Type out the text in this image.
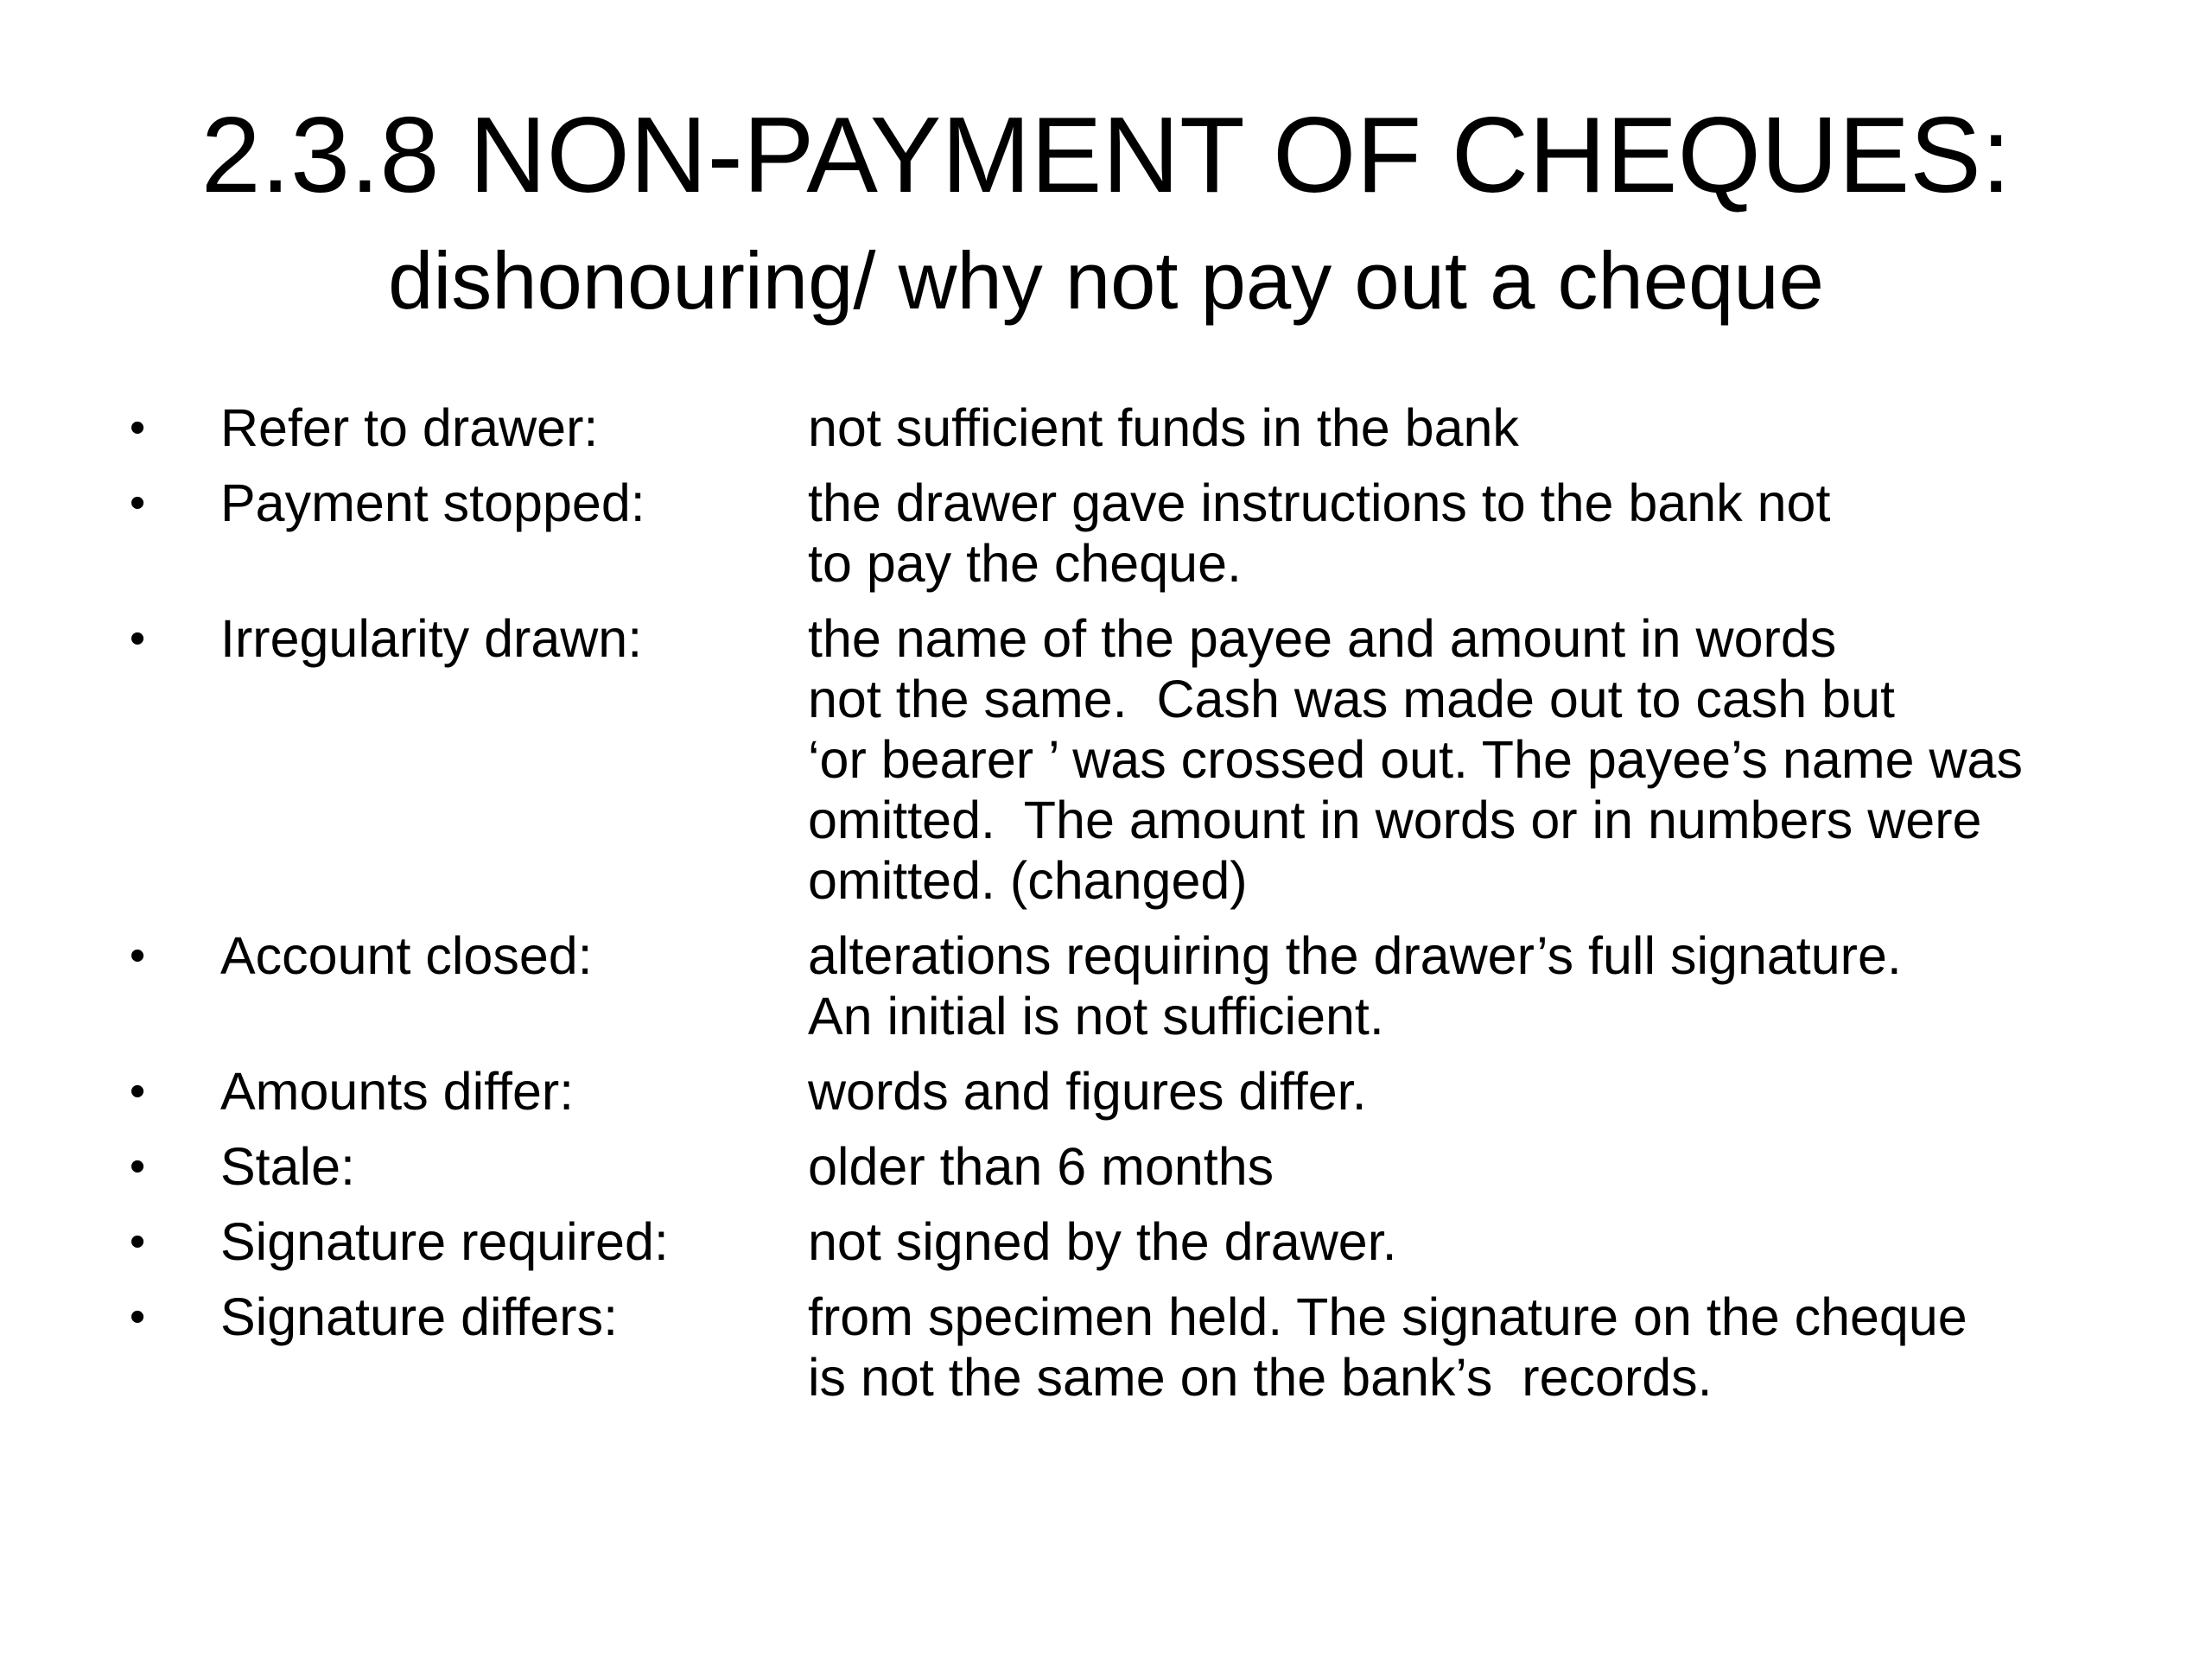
2.3.8 NON-PAYMENT OF CHEQUES:
dishonouring/ why not pay out a cheque
•	Refer to drawer:	not sufficient funds in the bank
•	Payment stopped:	the drawer gave instructions to the bank not
to pay the cheque.
•	Irregularity drawn:	the name of the payee and amount in words
not the same.  Cash was made out to cash but
‘or bearer ’ was crossed out. The payee’s name was
omitted.  The amount in words or in numbers were
omitted. (changed)
•	Account closed:	alterations requiring the drawer’s full signature.
An initial is not sufficient.
•	Amounts differ:	words and figures differ.
•	Stale:	older than 6 months
•	Signature required:	not signed by the drawer.
•	Signature differs:	from specimen held. The signature on the cheque
is not the same on the bank’s  records.
